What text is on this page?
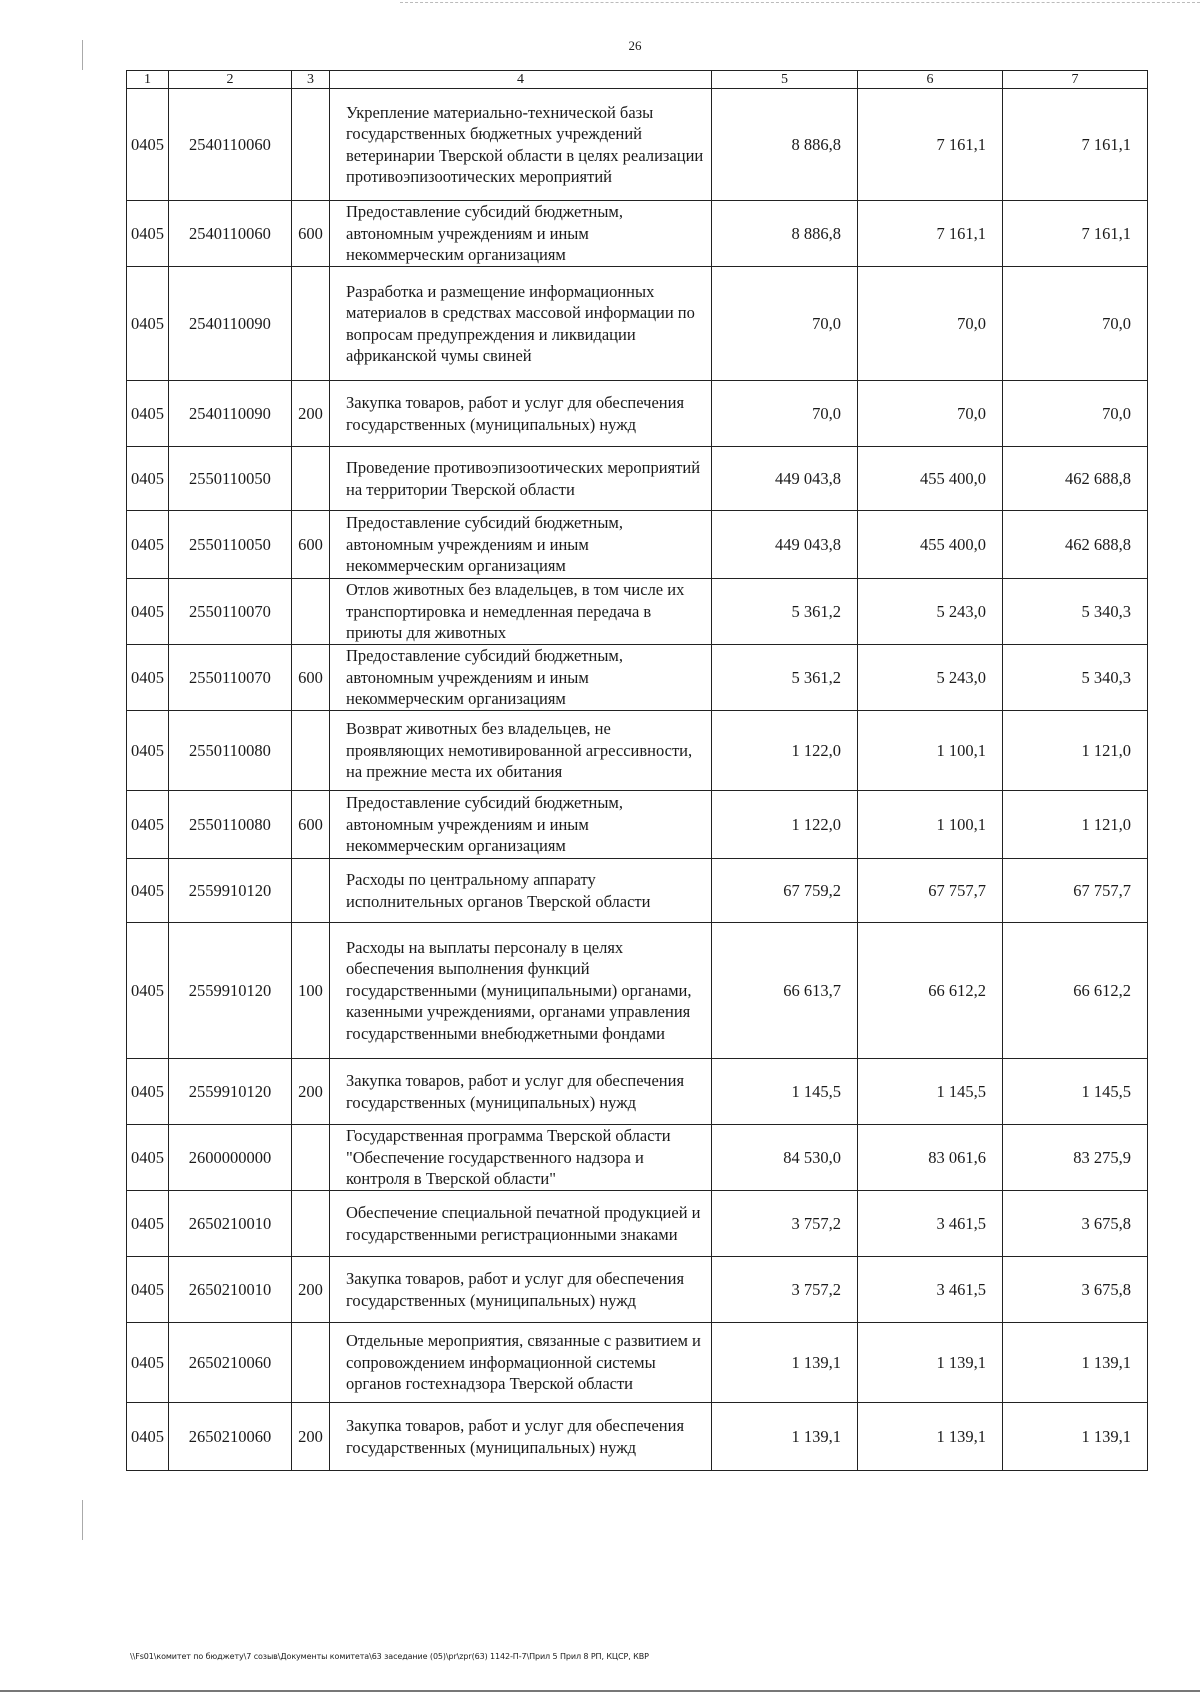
26
1	2	3	4	5	6	7
0405	2540110060		Укрепление материально-технической базы государственных бюджетных учреждений ветеринарии Тверской области в целях реализации противоэпизоотических мероприятий	8 886,8	7 161,1	7 161,1
0405	2540110060	600	Предоставление субсидий бюджетным, автономным учреждениям и иным некоммерческим организациям	8 886,8	7 161,1	7 161,1
0405	2540110090		Разработка и размещение информационных материалов в средствах массовой информации по вопросам предупреждения и ликвидации африканской чумы свиней	70,0	70,0	70,0
0405	2540110090	200	Закупка товаров, работ и услуг для обеспечения государственных (муниципальных) нужд	70,0	70,0	70,0
0405	2550110050		Проведение противоэпизоотических мероприятий на территории Тверской области	449 043,8	455 400,0	462 688,8
0405	2550110050	600	Предоставление субсидий бюджетным, автономным учреждениям и иным некоммерческим организациям	449 043,8	455 400,0	462 688,8
0405	2550110070		Отлов животных без владельцев, в том числе их транспортировка и немедленная передача в приюты для животных	5 361,2	5 243,0	5 340,3
0405	2550110070	600	Предоставление субсидий бюджетным, автономным учреждениям и иным некоммерческим организациям	5 361,2	5 243,0	5 340,3
0405	2550110080		Возврат животных без владельцев, не проявляющих немотивированной агрессивности, на прежние места их обитания	1 122,0	1 100,1	1 121,0
0405	2550110080	600	Предоставление субсидий бюджетным, автономным учреждениям и иным некоммерческим организациям	1 122,0	1 100,1	1 121,0
0405	2559910120		Расходы по центральному аппарату исполнительных органов Тверской области	67 759,2	67 757,7	67 757,7
0405	2559910120	100	Расходы на выплаты персоналу в целях обеспечения выполнения функций государственными (муниципальными) органами, казенными учреждениями, органами управления государственными внебюджетными фондами	66 613,7	66 612,2	66 612,2
0405	2559910120	200	Закупка товаров, работ и услуг для обеспечения государственных (муниципальных) нужд	1 145,5	1 145,5	1 145,5
0405	2600000000		Государственная программа Тверской области "Обеспечение государственного надзора и контроля в Тверской области"	84 530,0	83 061,6	83 275,9
0405	2650210010		Обеспечение специальной печатной продукцией и государственными регистрационными знаками	3 757,2	3 461,5	3 675,8
0405	2650210010	200	Закупка товаров, работ и услуг для обеспечения государственных (муниципальных) нужд	3 757,2	3 461,5	3 675,8
0405	2650210060		Отдельные мероприятия, связанные с развитием и сопровождением информационной системы органов гостехнадзора Тверской области	1 139,1	1 139,1	1 139,1
0405	2650210060	200	Закупка товаров, работ и услуг для обеспечения государственных (муниципальных) нужд	1 139,1	1 139,1	1 139,1
\\Fs01\комитет по бюджету\7 созыв\Документы комитета\63 заседание (05)\pr\zpr(63) 1142-П-7\Прил 5 Прил 8 РП, КЦСР, КВР
